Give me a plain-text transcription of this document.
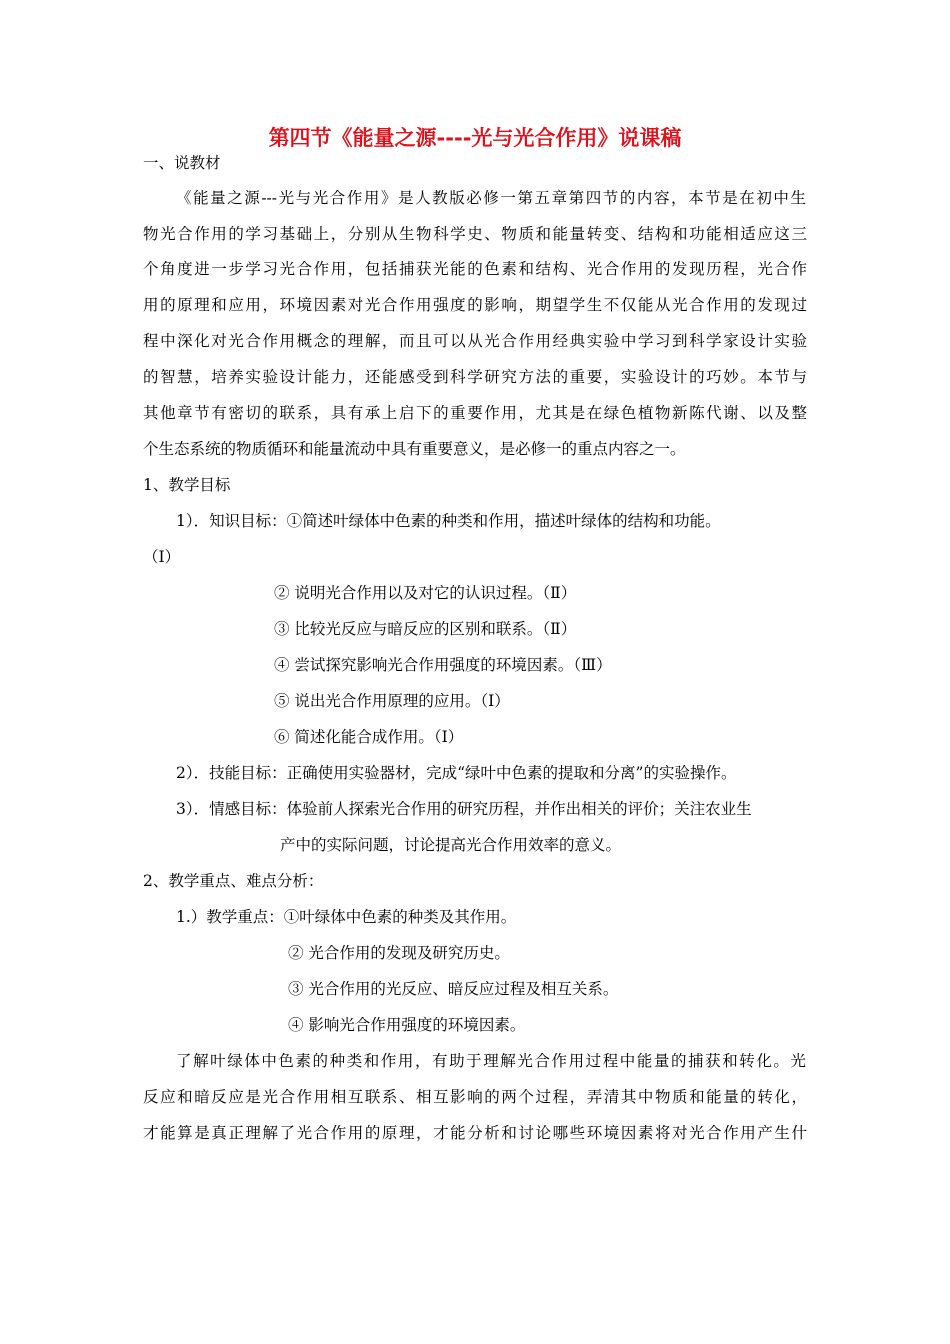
第四节《能量之源----光与光合作用》说课稿
一、说教材
《能量之源---光与光合作用》是人教版必修一第五章第四节的内容，本节是在初中生
物光合作用的学习基础上，分别从生物科学史、物质和能量转变、结构和功能相适应这三
个角度进一步学习光合作用，包括捕获光能的色素和结构、光合作用的发现历程，光合作
用的原理和应用，环境因素对光合作用强度的影响，期望学生不仅能从光合作用的发现过
程中深化对光合作用概念的理解，而且可以从光合作用经典实验中学习到科学家设计实验
的智慧，培养实验设计能力，还能感受到科学研究方法的重要，实验设计的巧妙。本节与
其他章节有密切的联系，具有承上启下的重要作用，尤其是在绿色植物新陈代谢、以及整
个生态系统的物质循环和能量流动中具有重要意义，是必修一的重点内容之一。
1、教学目标
1）．知识目标：①简述叶绿体中色素的种类和作用，描述叶绿体的结构和功能。
（Ⅰ）
② 说明光合作用以及对它的认识过程。（Ⅱ）
③ 比较光反应与暗反应的区别和联系。（Ⅱ）
④ 尝试探究影响光合作用强度的环境因素。（Ⅲ）
⑤ 说出光合作用原理的应用。（Ⅰ）
⑥ 简述化能合成作用。（Ⅰ）
2）．技能目标：正确使用实验器材，完成“绿叶中色素的提取和分离”的实验操作。
3）．情感目标：体验前人探索光合作用的研究历程，并作出相关的评价；关注农业生
产中的实际问题，讨论提高光合作用效率的意义。
2、教学重点、难点分析：
1.）教学重点：①叶绿体中色素的种类及其作用。
② 光合作用的发现及研究历史。
③ 光合作用的光反应、暗反应过程及相互关系。
④ 影响光合作用强度的环境因素。
了解叶绿体中色素的种类和作用，有助于理解光合作用过程中能量的捕获和转化。光
反应和暗反应是光合作用相互联系、相互影响的两个过程，弄清其中物质和能量的转化，
才能算是真正理解了光合作用的原理，才能分析和讨论哪些环境因素将对光合作用产生什
